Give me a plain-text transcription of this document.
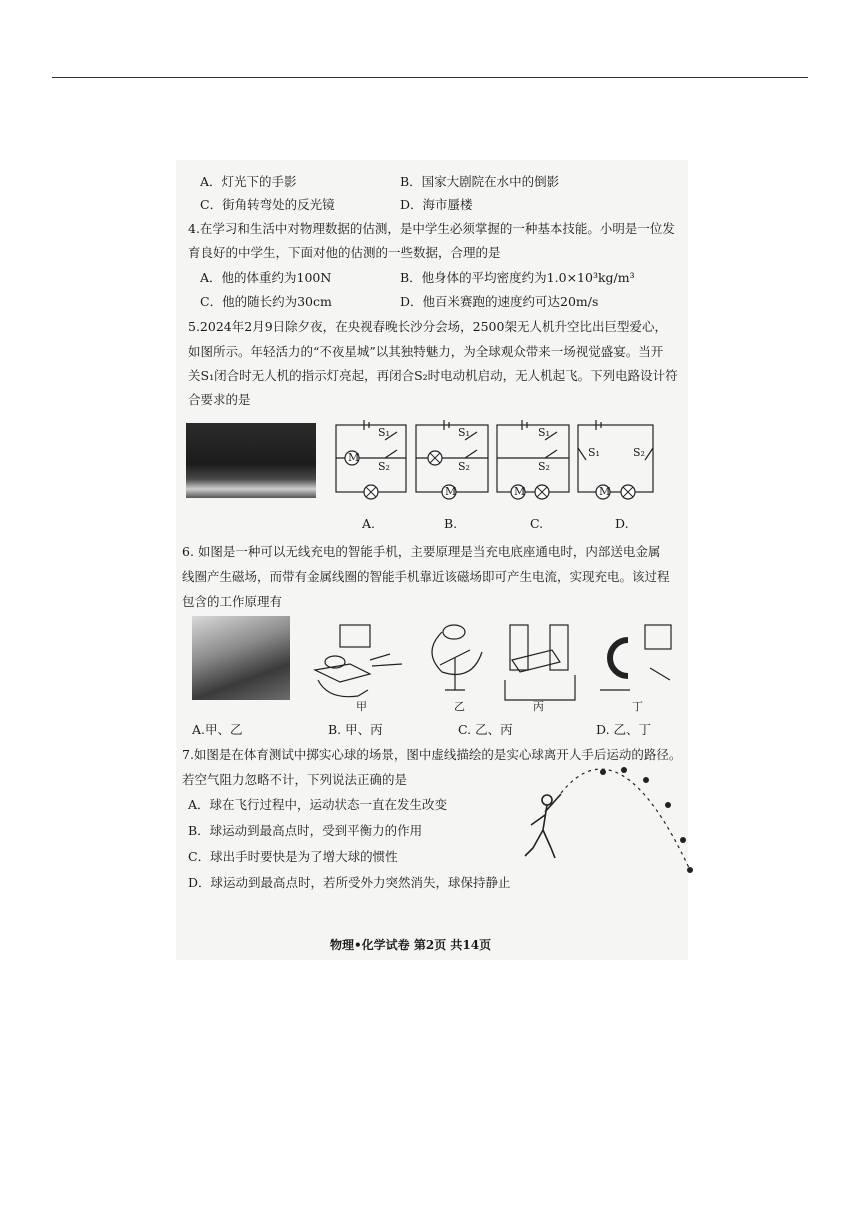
A．灯光下的手影	B．国家大剧院在水中的倒影
C．街角转弯处的反光镜	D．海市蜃楼
4.在学习和生活中对物理数据的估测，是中学生必须掌握的一种基本技能。小明是一位发
育良好的中学生，下面对他的估测的一些数据，合理的是
A．他的体重约为100N	B．他身体的平均密度约为1.0×10³kg/m³
C．他的随长约为30cm	D．他百米赛跑的速度约可达20m/s
5.2024年2月9日除夕夜，在央视春晚长沙分会场，2500架无人机升空比出巨型爱心，
如图所示。年轻活力的“不夜星城”以其独特魅力，为全球观众带来一场视觉盛宴。当开
关S₁闭合时无人机的指示灯亮起，再闭合S₂时电动机启动，无人机起飞。下列电路设计符
合要求的是
M
M	M	M
S₁
S₂
S₁
S₂
S₁
S₂
S₁	S₂
A.	B.	C.	D.
6. 如图是一种可以无线充电的智能手机，主要原理是当充电底座通电时，内部送电金属
线圈产生磁场，而带有金属线圈的智能手机靠近该磁场即可产生电流，实现充电。该过程
包含的工作原理有
甲	乙	丙	丁
A.甲、乙	B. 甲、丙	C. 乙、丙	D. 乙、丁
7.如图是在体育测试中掷实心球的场景，图中虚线描绘的是实心球离开人手后运动的路径。
若空气阻力忽略不计，下列说法正确的是
A．球在飞行过程中，运动状态一直在发生改变
B．球运动到最高点时，受到平衡力的作用
C．球出手时要快是为了增大球的惯性
D．球运动到最高点时，若所受外力突然消失，球保持静止
物理•化学试卷 第2页 共14页
